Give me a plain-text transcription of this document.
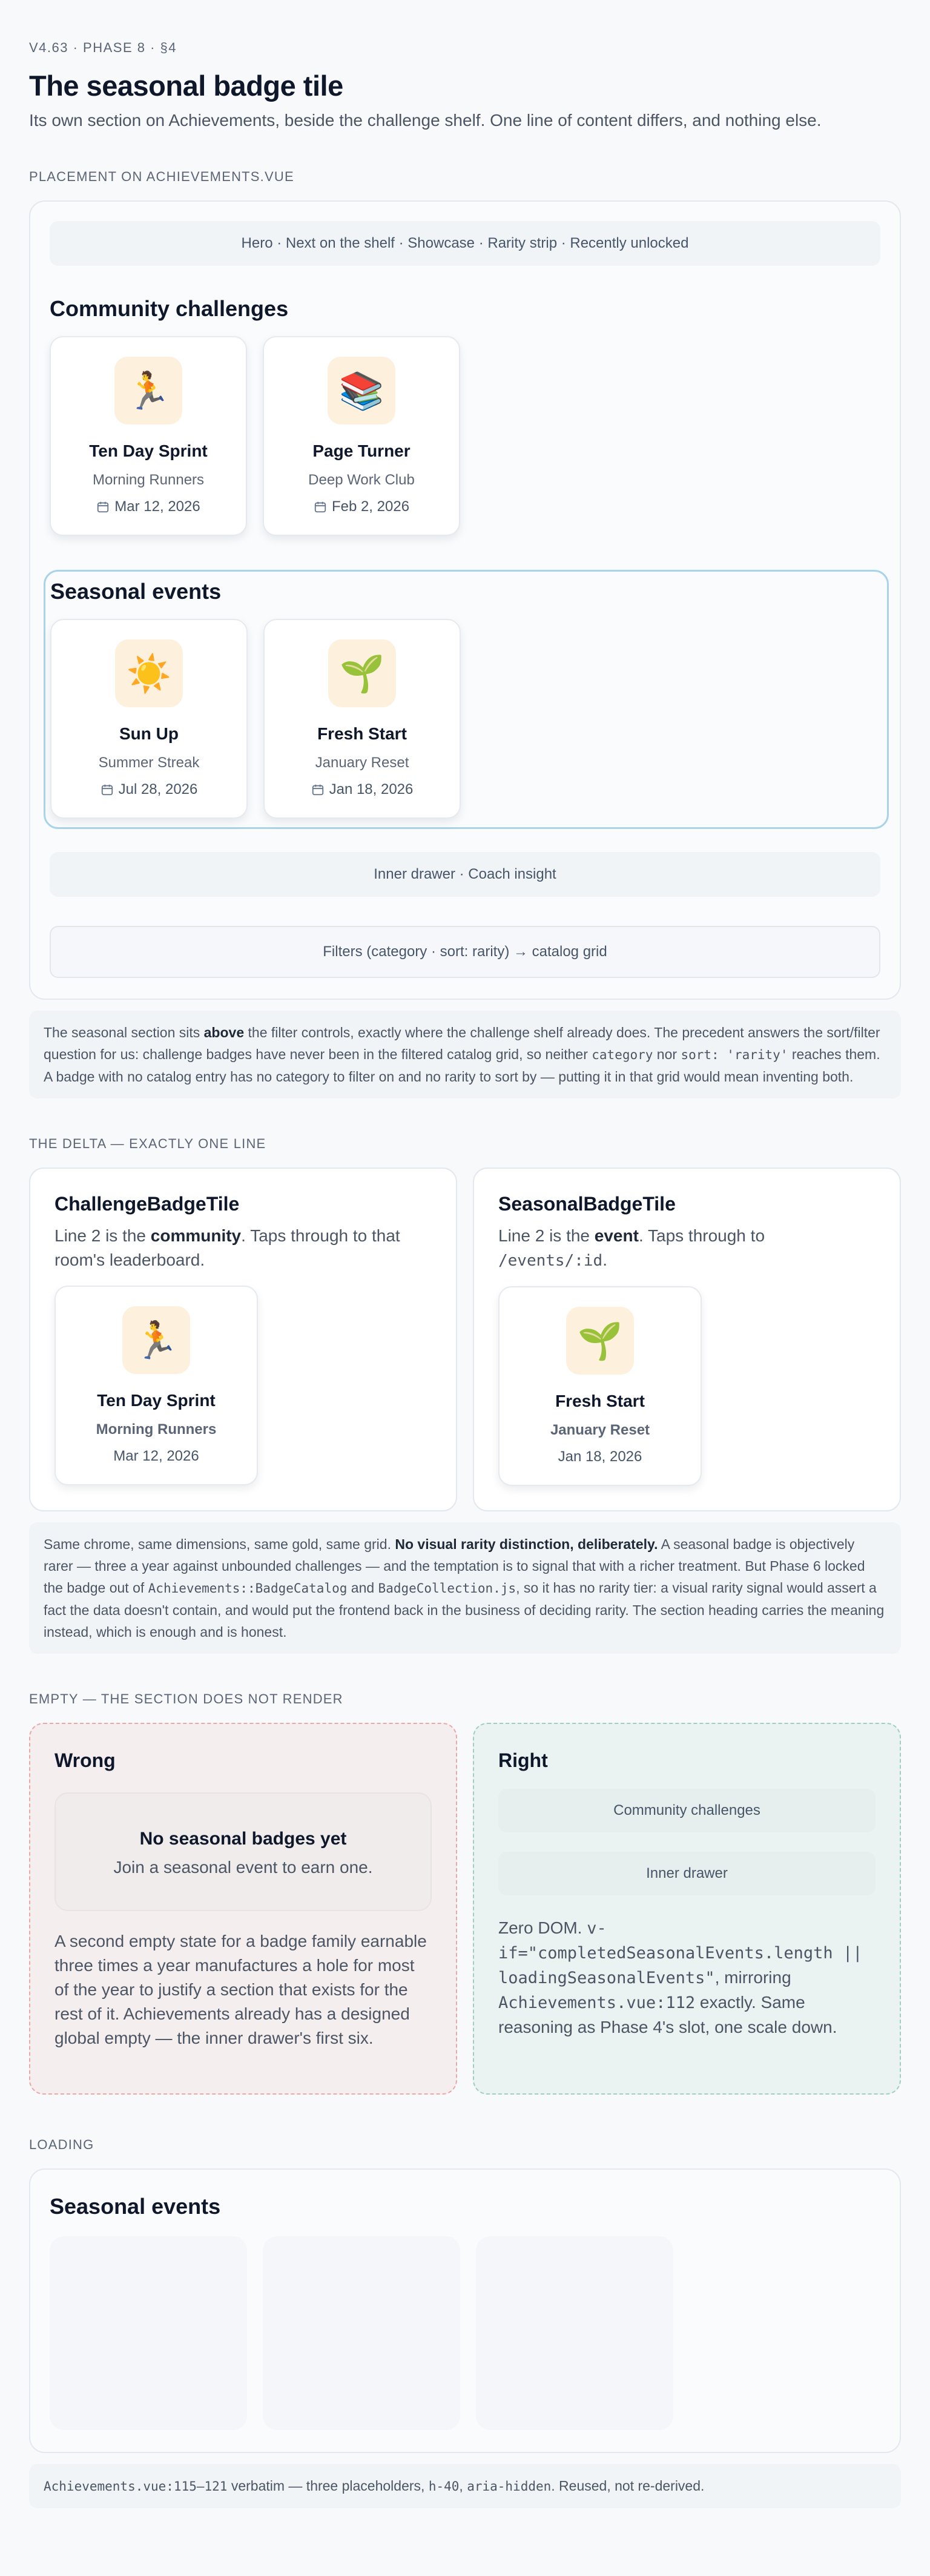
V4.63 · PHASE 8 · §4
The seasonal badge tile
Its own section on Achievements, beside the challenge shelf. One line of content differs, and nothing else.
PLACEMENT ON ACHIEVEMENTS.VUE
Hero · Next on the shelf · Showcase · Rarity strip · Recently unlocked
Community challenges
🏃
Ten Day Sprint
Morning Runners
Mar 12, 2026
📚
Page Turner
Deep Work Club
Feb 2, 2026
Seasonal events
☀️
Sun Up
Summer Streak
Jul 28, 2026
🌱
Fresh Start
January Reset
Jan 18, 2026
Inner drawer · Coach insight
Filters (category · sort: rarity) → catalog grid
The seasonal section sits above the filter controls, exactly where the challenge shelf already does. The precedent answers the sort/filter question for us: challenge badges have never been in the filtered catalog grid, so neither category nor sort: 'rarity' reaches them. A badge with no catalog entry has no category to filter on and no rarity to sort by — putting it in that grid would mean inventing both.
THE DELTA — EXACTLY ONE LINE
ChallengeBadgeTile
Line 2 is the community. Taps through to that room's leaderboard.
🏃
Ten Day Sprint
Morning Runners
Mar 12, 2026
SeasonalBadgeTile
Line 2 is the event. Taps through to /events/:id.
🌱
Fresh Start
January Reset
Jan 18, 2026
Same chrome, same dimensions, same gold, same grid. No visual rarity distinction, deliberately. A seasonal badge is objectively rarer — three a year against unbounded challenges — and the temptation is to signal that with a richer treatment. But Phase 6 locked the badge out of Achievements::BadgeCatalog and BadgeCollection.js, so it has no rarity tier: a visual rarity signal would assert a fact the data doesn't contain, and would put the frontend back in the business of deciding rarity. The section heading carries the meaning instead, which is enough and is honest.
EMPTY — THE SECTION DOES NOT RENDER
Wrong
No seasonal badges yet
Join a seasonal event to earn one.
A second empty state for a badge family earnable three times a year manufactures a hole for most of the year to justify a section that exists for the rest of it. Achievements already has a designed global empty — the inner drawer's first six.
Right
Community challenges
Inner drawer
Zero DOM. v-if="completedSeasonalEvents.length || loadingSeasonalEvents", mirroring Achievements.vue:112 exactly. Same reasoning as Phase 4's slot, one scale down.
LOADING
Seasonal events
Achievements.vue:115–121 verbatim — three placeholders, h-40, aria-hidden. Reused, not re-derived.
